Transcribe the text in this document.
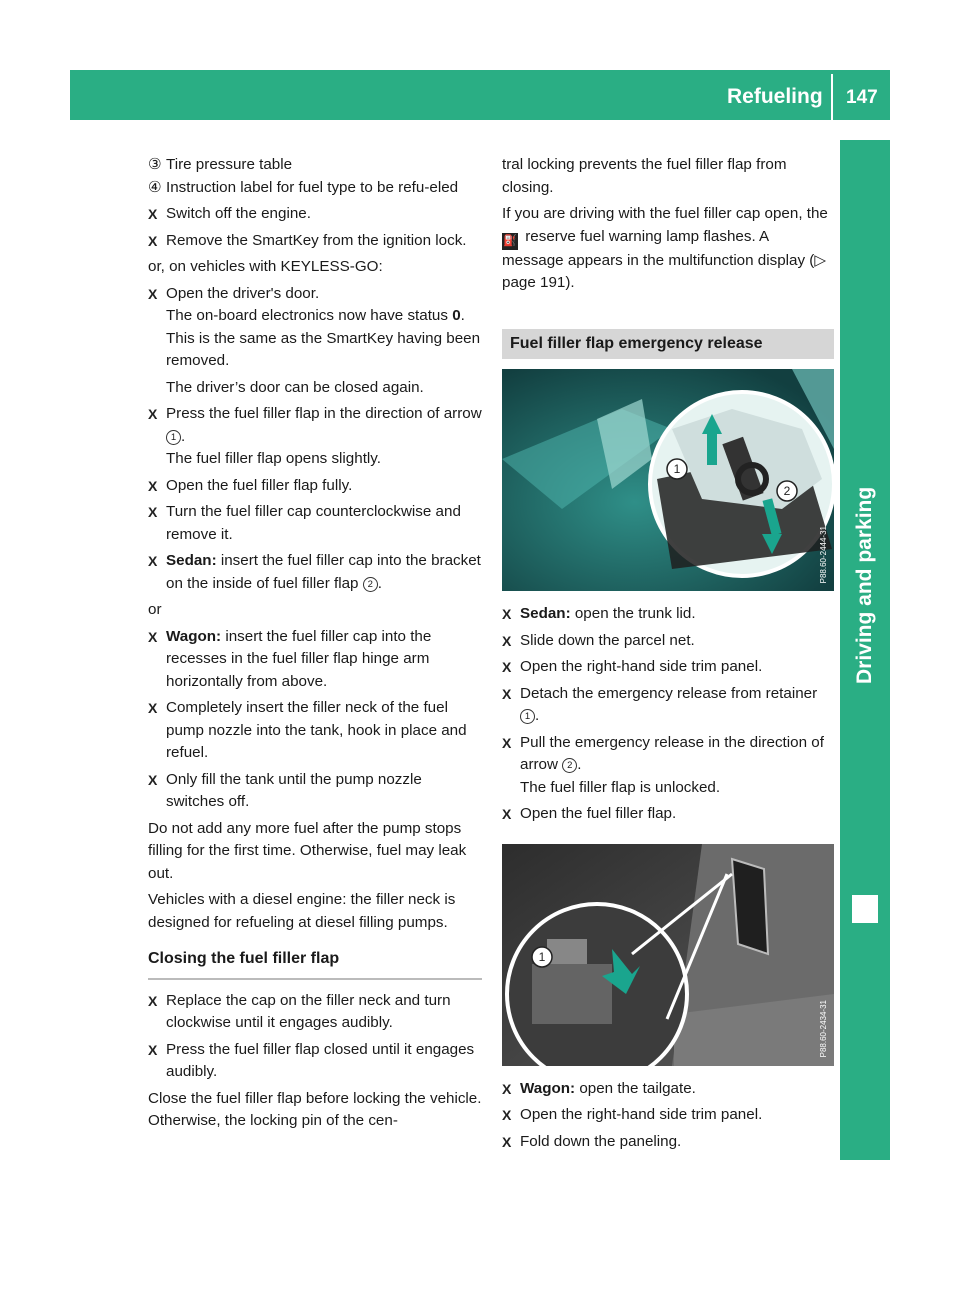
Refueling 147
Driving and parking

③ Tire pressure table

④ Instruction label for fuel type to be refu-eled

X Switch off the engine.

X Remove the SmartKey from the ignition lock.

or, on vehicles with KEYLESS-GO:

X Open the driver's door.

The on-board electronics now have status 0. This is the same as the SmartKey having been removed.

The driver’s door can be closed again.

X Press the fuel filler flap in the direction of arrow 1 .

The fuel filler flap opens slightly.

X Open the fuel filler flap fully.

X Turn the fuel filler cap counterclockwise and remove it.

X Sedan: insert the fuel filler cap into the bracket on the inside of fuel filler flap 2 .

or

X Wagon: insert the fuel filler cap into the recesses in the fuel filler flap hinge arm horizontally from above.

X Completely insert the filler neck of the fuel pump nozzle into the tank, hook in place and refuel.

X Only fill the tank until the pump nozzle switches off.

Do not add any more fuel after the pump stops filling for the first time. Otherwise, fuel may leak out.

Vehicles with a diesel engine: the filler neck is designed for refueling at diesel filling pumps.

Closing the fuel filler flap

X Replace the cap on the filler neck and turn clockwise until it engages audibly.

X Press the fuel filler flap closed until it engages audibly.

Close the fuel filler flap before locking the vehicle. Otherwise, the locking pin of the cen-

tral locking prevents the fuel filler flap from closing.

If you are driving with the fuel filler cap open, the ⛽ reserve fuel warning lamp flashes. A message appears in the multifunction display (▷ page 191).

Fuel filler flap emergency release

1
2
P88.60-2444-31

X Sedan: open the trunk lid.

X Slide down the parcel net.

X Open the right-hand side trim panel.

X Detach the emergency release from retainer 1 .

X Pull the emergency release in the direction of arrow 2 .

The fuel filler flap is unlocked.

X Open the fuel filler flap.

1
P88.60-2434-31

X Wagon: open the tailgate.

X Open the right-hand side trim panel.

X Fold down the paneling.
